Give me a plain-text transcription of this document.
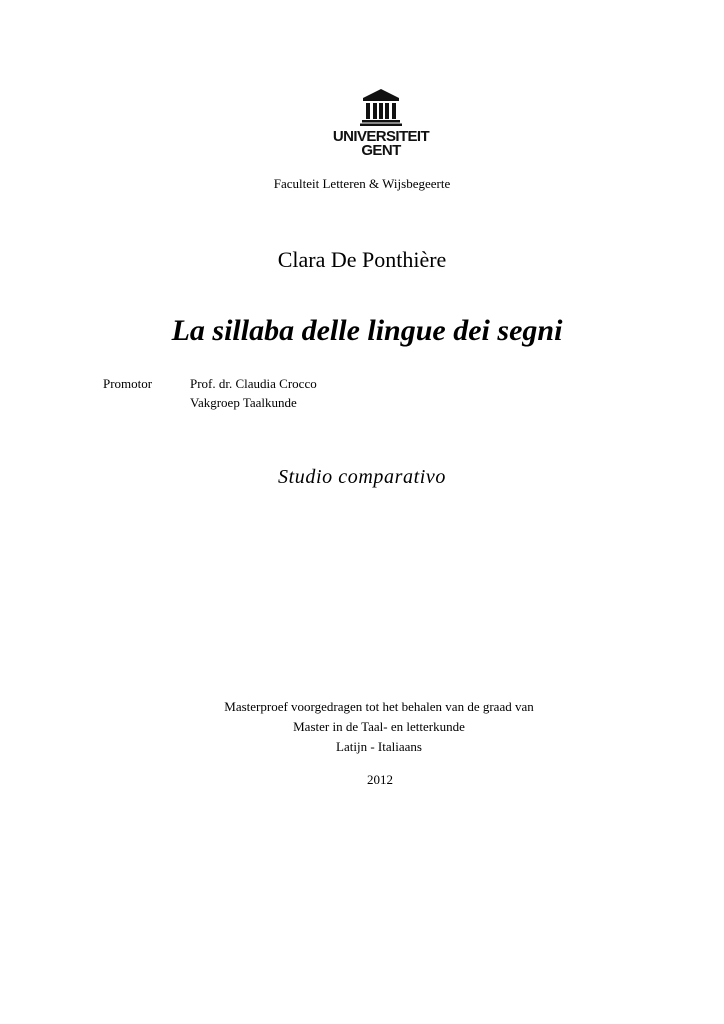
UNIVERSITEIT
GENT
Faculteit Letteren & Wijsbegeerte
Clara De Ponthière
La sillaba delle lingue dei segni
Promotor	Prof. dr. Claudia Crocco
Vakgroep Taalkunde
Studio comparativo
Masterproef voorgedragen tot het behalen van de graad van
Master in de Taal- en letterkunde
Latijn - Italiaans
2012
